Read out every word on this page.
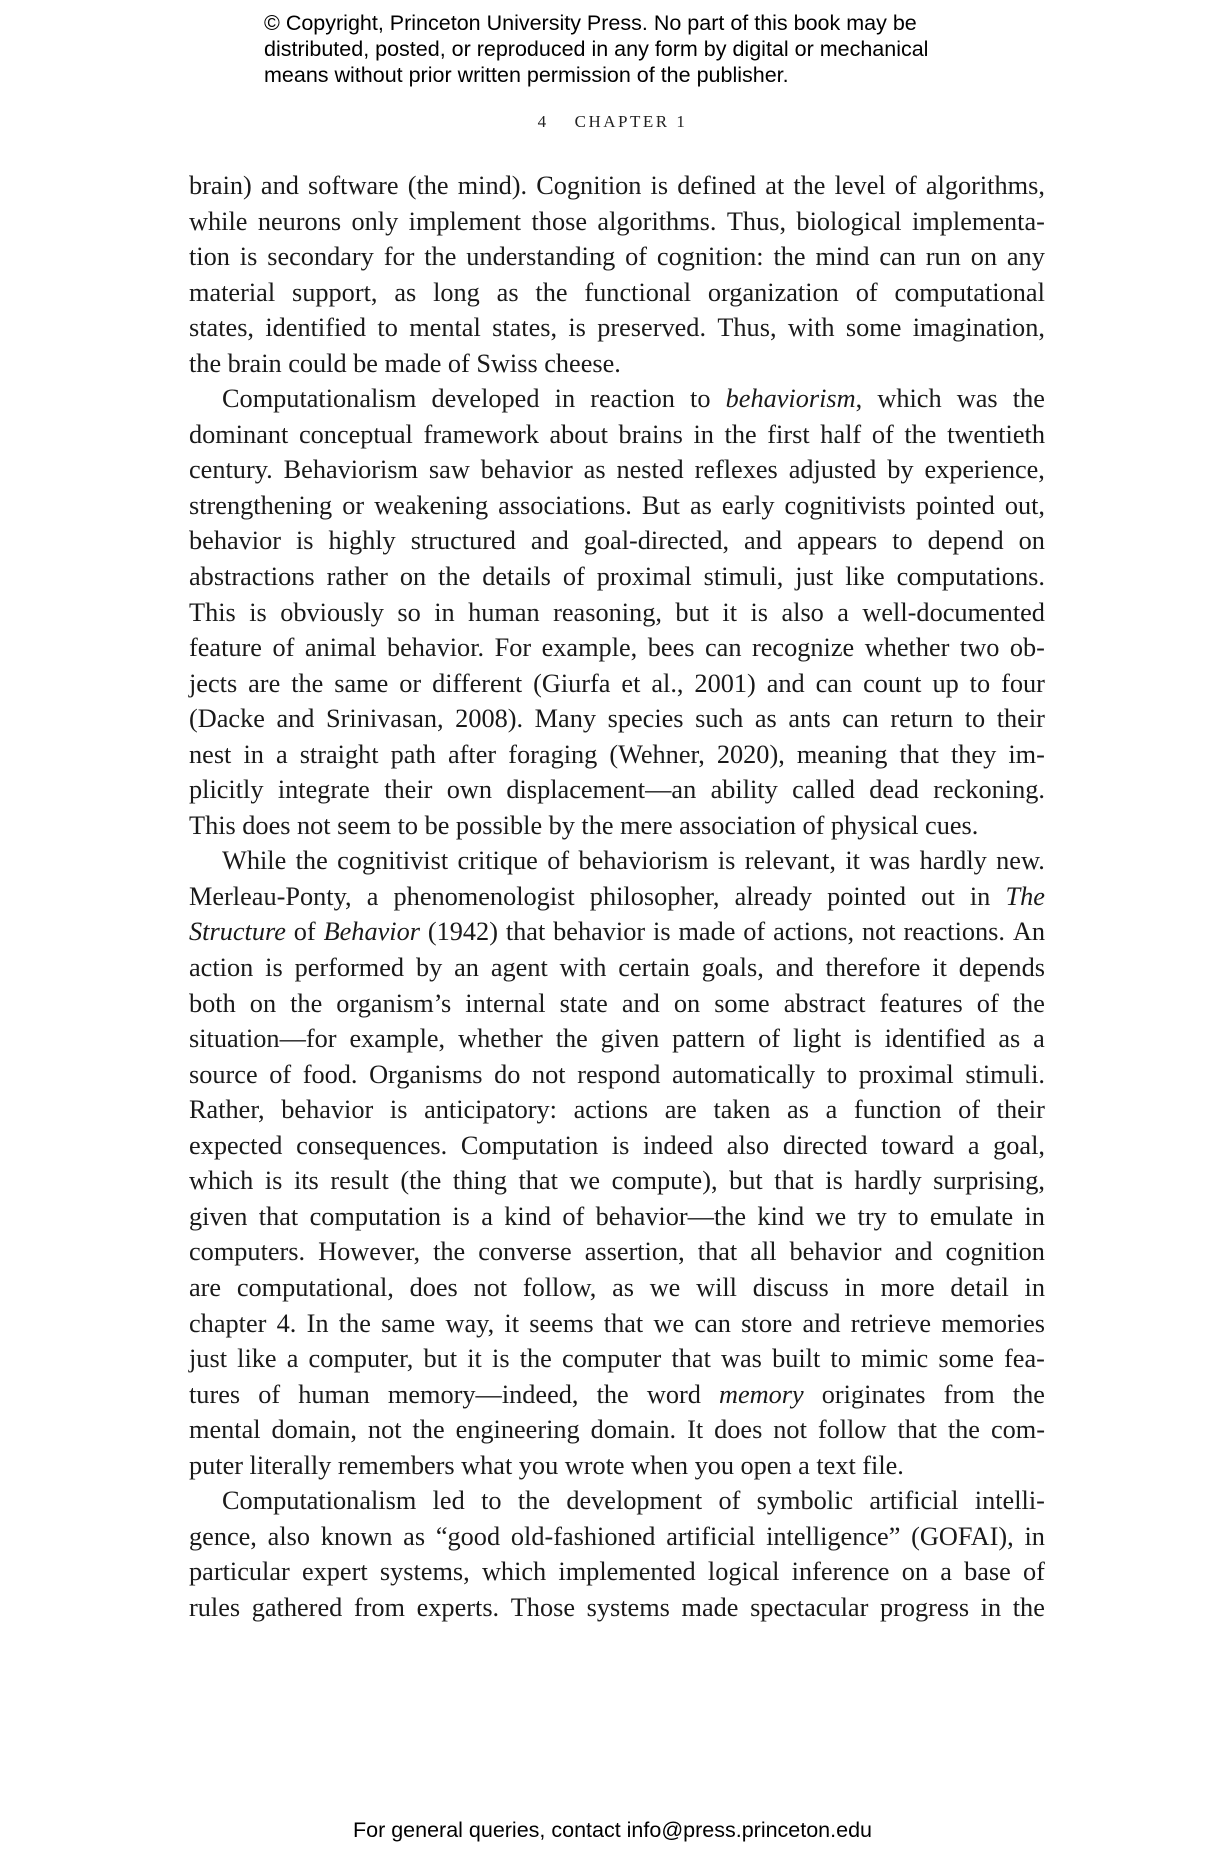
© Copyright, Princeton University Press. No part of this book may be
distributed, posted, or reproduced in any form by digital or mechanical
means without prior written permission of the publisher.
4 CHAPTER 1
brain) and software (the mind). Cognition is defined at the level of algorithms,
while neurons only implement those algorithms. Thus, biological implementa-
tion is secondary for the understanding of cognition: the mind can run on any
material support, as long as the functional organization of computational
states, identified to mental states, is preserved. Thus, with some imagination,
the brain could be made of Swiss cheese.
Computationalism developed in reaction to behaviorism, which was the
dominant conceptual framework about brains in the first half of the twentieth
century. Behaviorism saw behavior as nested reflexes adjusted by experience,
strengthening or weakening associations. But as early cognitivists pointed out,
behavior is highly structured and goal-directed, and appears to depend on
abstractions rather on the details of proximal stimuli, just like computations.
This is obviously so in human reasoning, but it is also a well-documented
feature of animal behavior. For example, bees can recognize whether two ob-
jects are the same or different (Giurfa et al., 2001) and can count up to four
(Dacke and Srinivasan, 2008). Many species such as ants can return to their
nest in a straight path after foraging (Wehner, 2020), meaning that they im-
plicitly integrate their own displacement—an ability called dead reckoning.
This does not seem to be possible by the mere association of physical cues.
While the cognitivist critique of behaviorism is relevant, it was hardly new.
Merleau-Ponty, a phenomenologist philosopher, already pointed out in The
Structure of Behavior (1942) that behavior is made of actions, not reactions. An
action is performed by an agent with certain goals, and therefore it depends
both on the organism’s internal state and on some abstract features of the
situation—for example, whether the given pattern of light is identified as a
source of food. Organisms do not respond automatically to proximal stimuli.
Rather, behavior is anticipatory: actions are taken as a function of their
expected consequences. Computation is indeed also directed toward a goal,
which is its result (the thing that we compute), but that is hardly surprising,
given that computation is a kind of behavior—the kind we try to emulate in
computers. However, the converse assertion, that all behavior and cognition
are computational, does not follow, as we will discuss in more detail in
chapter 4. In the same way, it seems that we can store and retrieve memories
just like a computer, but it is the computer that was built to mimic some fea-
tures of human memory—indeed, the word memory originates from the
mental domain, not the engineering domain. It does not follow that the com-
puter literally remembers what you wrote when you open a text file.
Computationalism led to the development of symbolic artificial intelli-
gence, also known as “good old-fashioned artificial intelligence” (GOFAI), in
particular expert systems, which implemented logical inference on a base of
rules gathered from experts. Those systems made spectacular progress in the
For general queries, contact info@press.princeton.edu
